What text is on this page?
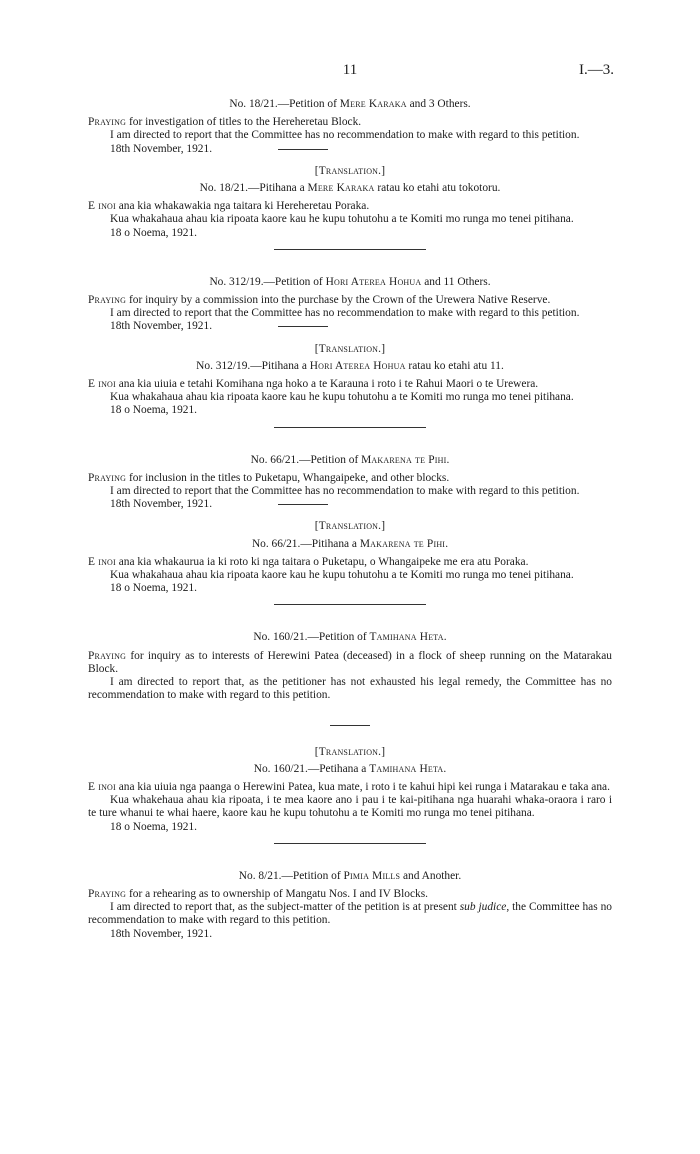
11	I.—3.

No. 18/21.—Petition of Mere Karaka and 3 Others.

Praying for investigation of titles to the Hereheretau Block.

I am directed to report that the Committee has no recommendation to make with regard to this petition.

18th November, 1921.

[Translation.]

No. 18/21.—Pitihana a Mere Karaka ratau ko etahi atu tokotoru.

E inoi ana kia whakawakia nga taitara ki Hereheretau Poraka.

Kua whakahaua ahau kia ripoata kaore kau he kupu tohutohu a te Komiti mo runga mo tenei pitihana.

18 o Noema, 1921.

No. 312/19.—Petition of Hori Aterea Hohua and 11 Others.

Praying for inquiry by a commission into the purchase by the Crown of the Urewera Native Reserve.

I am directed to report that the Committee has no recommendation to make with regard to this petition.

18th November, 1921.

[Translation.]

No. 312/19.—Pitihana a Hori Aterea Hohua ratau ko etahi atu 11.

E inoi ana kia uiuia e tetahi Komihana nga hoko a te Karauna i roto i te Rahui Maori o te Urewera.

Kua whakahaua ahau kia ripoata kaore kau he kupu tohutohu a te Komiti mo runga mo tenei pitihana.

18 o Noema, 1921.

No. 66/21.—Petition of Makarena te Pihi.

Praying for inclusion in the titles to Puketapu, Whangaipeke, and other blocks.

I am directed to report that the Committee has no recommendation to make with regard to this petition.

18th November, 1921.

[Translation.]

No. 66/21.—Pitihana a Makarena te Pihi.

E inoi ana kia whakaurua ia ki roto ki nga taitara o Puketapu, o Whangaipeke me era atu Poraka.

Kua whakahaua ahau kia ripoata kaore kau he kupu tohutohu a te Komiti mo runga mo tenei pitihana.

18 o Noema, 1921.

No. 160/21.—Petition of Tamihana Heta.

Praying for inquiry as to interests of Herewini Patea (deceased) in a flock of sheep running on the Matarakau Block.

I am directed to report that, as the petitioner has not exhausted his legal remedy, the Committee has no recommendation to make with regard to this petition.

[Translation.]

No. 160/21.—Petihana a Tamihana Heta.

E inoi ana kia uiuia nga paanga o Herewini Patea, kua mate, i roto i te kahui hipi kei runga i Matarakau e taka ana.

Kua whakehaua ahau kia ripoata, i te mea kaore ano i pau i te kai-pitihana nga huarahi whaka-oraora i raro i te ture whanui te whai haere, kaore kau he kupu tohutohu a te Komiti mo runga mo tenei pitihana.

18 o Noema, 1921.

No. 8/21.—Petition of Pimia Mills and Another.

Praying for a rehearing as to ownership of Mangatu Nos. I and IV Blocks.

I am directed to report that, as the subject-matter of the petition is at present sub judice, the Committee has no recommendation to make with regard to this petition.

18th November, 1921.
